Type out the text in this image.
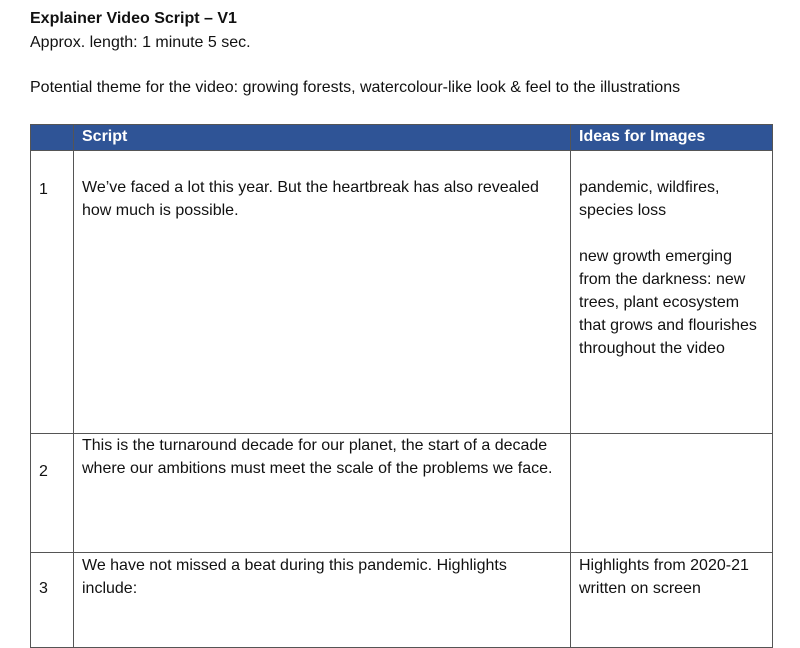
Explainer Video Script – V1
Approx. length: 1 minute 5 sec.
Potential theme for the video: growing forests, watercolour-like look & feel to the illustrations
	Script	Ideas for Images
1	We’ve faced a lot this year. But the heartbreak has also revealed how much is possible.	pandemic, wildfires, species loss

new growth emerging from the darkness: new trees, plant ecosystem that grows and flourishes throughout the video

2	This is the turnaround decade for our planet, the start of a decade where our ambitions must meet the scale of the problems we face.	

3	We have not missed a beat during this pandemic. Highlights include:	Highlights from 2020-21 written on screen
